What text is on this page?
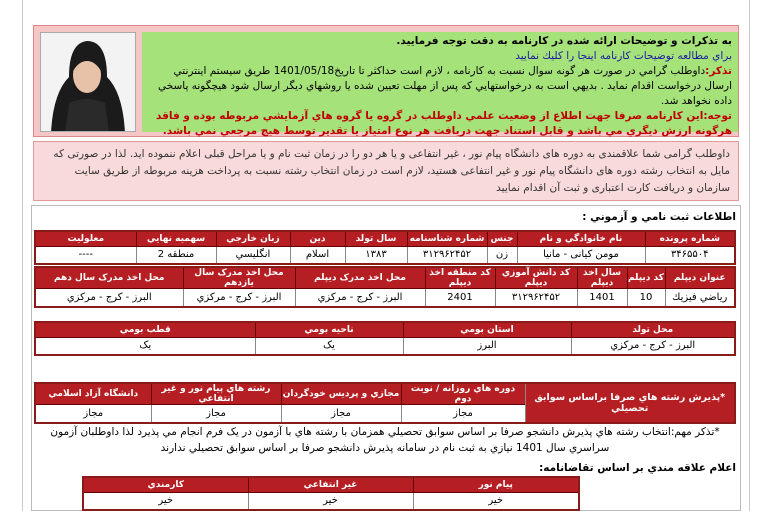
به تذکرات و توضیحات ارائه شده در کارنامه به دقت توجه فرمایید.
براي مطالعه توضيحات كارنامه اينجا را كليك نماييد
تذکر:داوطلب گرامي در صورت هر گونه سوال نسبت به كارنامه ، لازم است حداكثر تا تاريخ1401/05/18 طريق سيستم اينترنتي ارسال درخواست اقدام نمايد . بديهي است به درخواستهايي كه پس از مهلت تعيين شده يا روشهاي ديگر ارسال شود هيچگونه پاسخي داده نخواهد شد.
توجه:اين كارنامه صرفا جهت اطلاع از وضعيت علمي داوطلب در گروه يا گروه هاي آزمايشي مربوطه بوده و فاقد هرگونه ارزش ديگري مي باشد و قابل استناد جهت دريافت هر نوع امتياز يا تقدير توسط هيچ مرجعي نمي باشد.
داوطلب گرامی شما علاقمندی به دوره های دانشگاه پیام نور ، غیر انتفاعی و یا هر دو را در زمان ثبت نام و یا مراحل قبلی اعلام ننموده اید. لذا در صورتی که مایل به انتخاب رشته دوره های دانشگاه پیام نور و غیر انتفاعی هستید، لازم است در زمان انتخاب رشته نسبت به پرداخت هزینه مربوطه از طریق سایت سازمان و دریافت کارت اعتباری و ثبت آن اقدام نمایید
اطلاعات ثبت نامي و آزموني :
شماره پرونده	نام خانوادگي و نام	جنس	شماره شناسنامه	سال تولد	دين	زبان خارجي	سهميه نهايي	معلوليت
۳۴۶۵۵۰۴	مومن کیانی - مانیا	زن	۳۱۲۹۶۲۴۵۲	۱۳۸۳	اسلام	انگليسي	منطقه 2	----
عنوان ديپلم	کد ديپلم	سال اخذ ديپلم	کد دانش آموزي ديپلم	کد منطقه اخذ ديپلم	محل اخذ مدرک ديپلم	محل اخذ مدرک سال يازدهم	محل اخذ مدرک سال دهم
رياضي فيزيك	10	1401	۳۱۲۹۶۲۴۵۲	2401	البرز - كرج - مركزي	البرز - كرج - مركزي	البرز - كرج - مركزي
محل تولد	استان بومي	ناحيه بومي	قطب بومي
البرز - كرج - مركزي	البرز	يک	يک
*پذيرش رشته هاي صرفا براساس سوابق تحصيلي	دوره هاي روزانه / نوبت دوم	مجازي و پرديس خودگردان	رشته هاي پيام نور و غير انتفاعي	دانشگاه آزاد اسلامي
	مجاز	مجاز	مجاز	مجاز
*تذکر مهم:انتخاب رشته هاي پذيرش دانشجو صرفا بر اساس سوابق تحصيلي همزمان با رشته هاي با آزمون در يک فرم انجام مي پذيرد لذا داوطلبان آزمون سراسري سال 1401 نيازي به ثبت نام در سامانه پذيرش دانشجو صرفا بر اساس سوابق تحصيلي ندارند
اعلام علاقه مندي بر اساس تقاضانامه:
پيام نور	غير انتفاعي	كارمندي
خير	خير	خير
